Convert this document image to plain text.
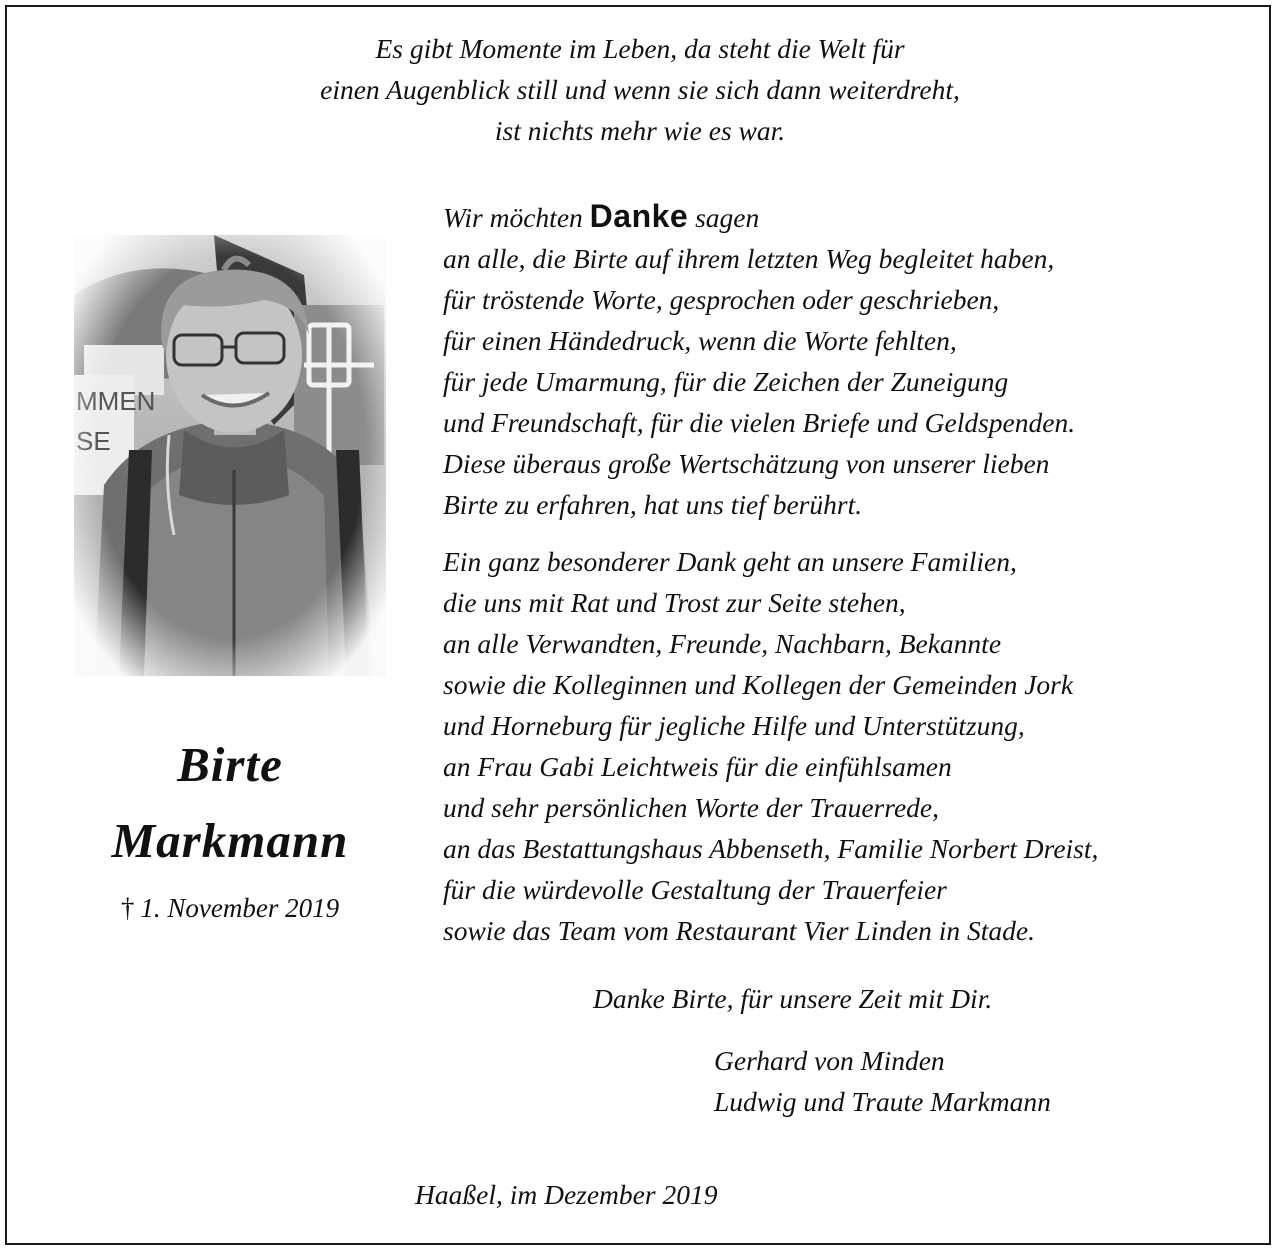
Es gibt Momente im Leben, da steht die Welt für
einen Augenblick still und wenn sie sich dann weiterdreht,
ist nichts mehr wie es war.
Birte
Markmann
† 1. November 2019
Wir möchten Danke sagen
an alle, die Birte auf ihrem letzten Weg begleitet haben,
für tröstende Worte, gesprochen oder geschrieben,
für einen Händedruck, wenn die Worte fehlten,
für jede Umarmung, für die Zeichen der Zuneigung
und Freundschaft, für die vielen Briefe und Geldspenden.
Diese überaus große Wertschätzung von unserer lieben
Birte zu erfahren, hat uns tief berührt.
Ein ganz besonderer Dank geht an unsere Familien,
die uns mit Rat und Trost zur Seite stehen,
an alle Verwandten, Freunde, Nachbarn, Bekannte
sowie die Kolleginnen und Kollegen der Gemeinden Jork
und Horneburg für jegliche Hilfe und Unterstützung,
an Frau Gabi Leichtweis für die einfühlsamen
und sehr persönlichen Worte der Trauerrede,
an das Bestattungshaus Abbenseth, Familie Norbert Dreist,
für die würdevolle Gestaltung der Trauerfeier
sowie das Team vom Restaurant Vier Linden in Stade.
Danke Birte, für unsere Zeit mit Dir.
Gerhard von Minden
Ludwig und Traute Markmann
Haaßel, im Dezember 2019
